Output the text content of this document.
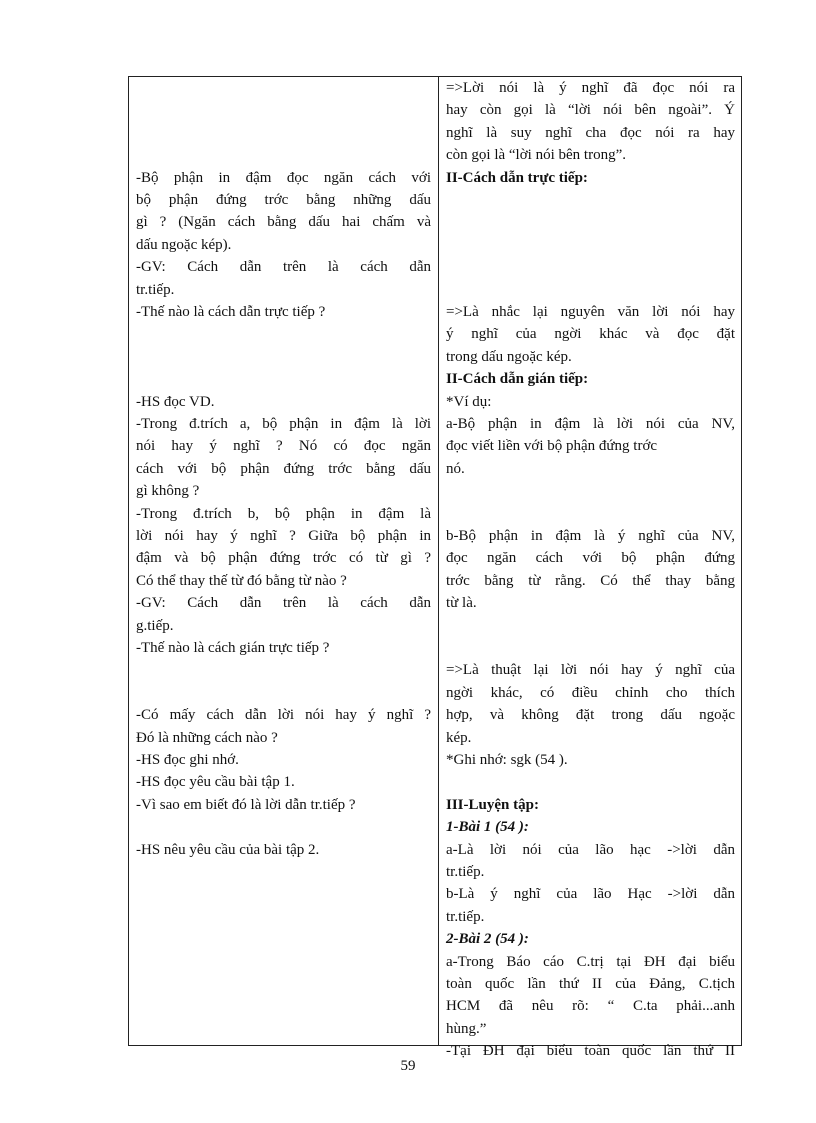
-Bộ phận in đậm đọc ngăn cách với
bộ phận đứng trớc bằng những dấu
gì ? (Ngăn cách bằng dấu hai chấm và
dấu ngoặc kép).
-GV: Cách dẫn trên là cách dẫn
tr.tiếp.
-Thế nào là cách dẫn trực tiếp ?
-HS đọc VD.
-Trong đ.trích a, bộ phận in đậm là lời
nói hay ý nghĩ ? Nó có đọc ngăn
cách với bộ phận đứng trớc bằng dấu
gì không ?
-Trong đ.trích b, bộ phận in đậm là
lời nói hay ý nghĩ ? Giữa bộ phận in
đậm và bộ phận đứng trớc có từ gì ?
Có thể thay thế từ đó bằng từ nào ?
-GV: Cách dẫn trên là cách dẫn
g.tiếp.
-Thế nào là cách gián trực tiếp ?
-Có mấy cách dẫn lời nói hay ý nghĩ ?
Đó là những cách nào ?
-HS đọc ghi nhớ.
-HS đọc yêu cầu bài tập 1.
-Vì sao em biết đó là lời dẫn tr.tiếp ?
-HS nêu yêu cầu của bài tập 2.
=>Lời nói là ý nghĩ đã đọc nói ra
hay còn gọi là “lời nói bên ngoài”. Ý
nghĩ là suy nghĩ cha đọc nói ra hay
còn gọi là “lời nói bên trong”.
II-Cách dẫn trực tiếp:
=>Là nhắc lại nguyên văn lời nói hay
ý nghĩ của ngời khác và đọc đặt
trong dấu ngoặc kép.
II-Cách dẫn gián tiếp:
*Ví dụ:
a-Bộ phận in đậm là lời nói của NV,
đọc viết liền với bộ phận đứng trớc
nó.
b-Bộ phận in đậm là ý nghĩ của NV,
đọc ngăn cách với bộ phận đứng
trớc bằng từ rằng. Có thể thay bằng
từ là.
=>Là thuật lại lời nói hay ý nghĩ của
ngời khác, có điều chỉnh cho thích
hợp, và không đặt trong dấu ngoặc
kép.
*Ghi nhớ: sgk (54 ).
III-Luyện tập:
1-Bài 1 (54 ):
a-Là lời nói của lão hạc ->lời dẫn
tr.tiếp.
b-Là ý nghĩ của lão Hạc ->lời dẫn
tr.tiếp.
2-Bài 2 (54 ):
a-Trong Báo cáo C.trị tại ĐH đại biểu
toàn quốc lần thứ II của Đảng, C.tịch
HCM đã nêu rõ: “ C.ta phải...anh
hùng.”
-Tại ĐH đại biểu toàn quốc lần thứ II
59
